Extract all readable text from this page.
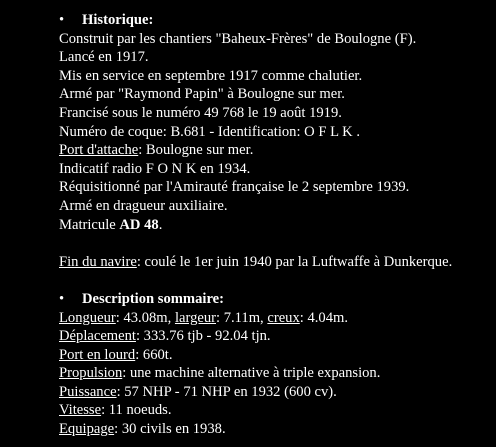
• Historique:
Construit par les chantiers "Baheux-Frères" de Boulogne (F).
Lancé en 1917.
Mis en service en septembre 1917 comme chalutier.
Armé par "Raymond Papin" à Boulogne sur mer.
Francisé sous le numéro 49 768 le 19 août 1919.
Numéro de coque: B.681 - Identification: O F L K .
Port d'attache: Boulogne sur mer.
Indicatif radio F O N K en 1934.
Réquisitionné par l'Amirauté française le 2 septembre 1939.
Armé en dragueur auxiliaire.
Matricule AD 48.
Fin du navire: coulé le 1er juin 1940 par la Luftwaffe à Dunkerque.
• Description sommaire:
Longueur: 43.08m, largeur: 7.11m, creux: 4.04m.
Déplacement: 333.76 tjb - 92.04 tjn.
Port en lourd: 660t.
Propulsion: une machine alternative à triple expansion.
Puissance: 57 NHP - 71 NHP en 1932 (600 cv).
Vitesse: 11 noeuds.
Equipage: 30 civils en 1938.
